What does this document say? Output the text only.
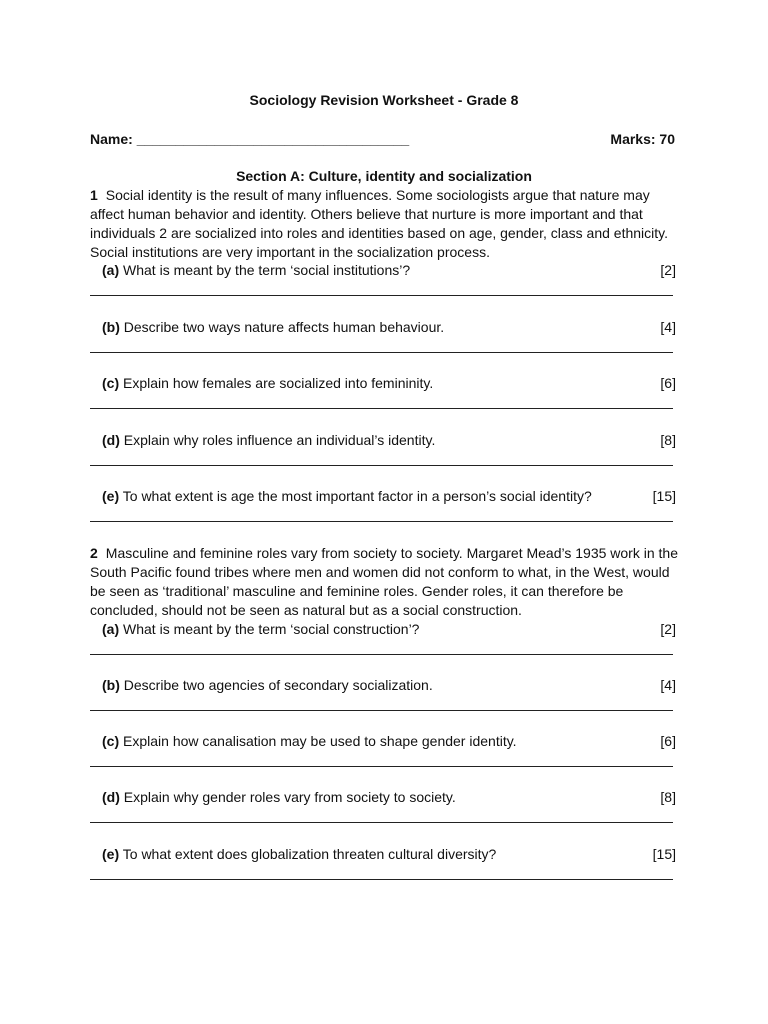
Sociology Revision Worksheet - Grade 8
Name: ___________________________________	Marks: 70
Section A: Culture, identity and socialization
1 Social identity is the result of many influences. Some sociologists argue that nature may affect human behavior and identity. Others believe that nurture is more important and that individuals 2 are socialized into roles and identities based on age, gender, class and ethnicity. Social institutions are very important in the socialization process.
(a) What is meant by the term ‘social institutions’?	[2]
(b) Describe two ways nature affects human behaviour.	[4]
(c) Explain how females are socialized into femininity.	[6]
(d) Explain why roles influence an individual’s identity.	[8]
(e) To what extent is age the most important factor in a person’s social identity?	[15]
2 Masculine and feminine roles vary from society to society. Margaret Mead’s 1935 work in the South Pacific found tribes where men and women did not conform to what, in the West, would be seen as ‘traditional’ masculine and feminine roles. Gender roles, it can therefore be concluded, should not be seen as natural but as a social construction.
(a) What is meant by the term ‘social construction’?	[2]
(b) Describe two agencies of secondary socialization.	[4]
(c) Explain how canalisation may be used to shape gender identity.	[6]
(d) Explain why gender roles vary from society to society.	[8]
(e) To what extent does globalization threaten cultural diversity?	[15]
